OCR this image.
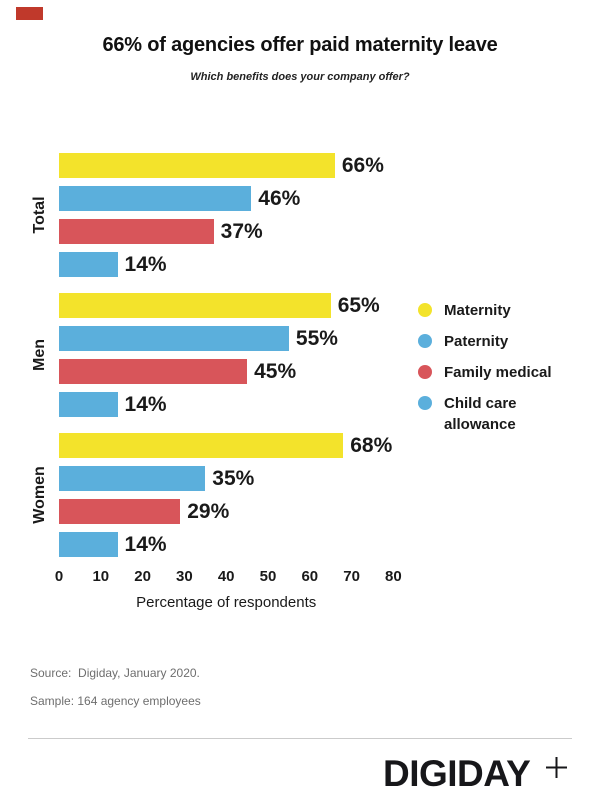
66% of agencies offer paid maternity leave
Which benefits does your company offer?
Total
66%
46%
37%
14%
Men
65%
55%
45%
14%
Women
68%
35%
29%
14%
0	10	20	30	40	50	60	70	80
Percentage of respondents
Maternity
Paternity
Family medical
Child care
allowance
Source:  Digiday, January 2020.
Sample: 164 agency employees
DIGIDAY
